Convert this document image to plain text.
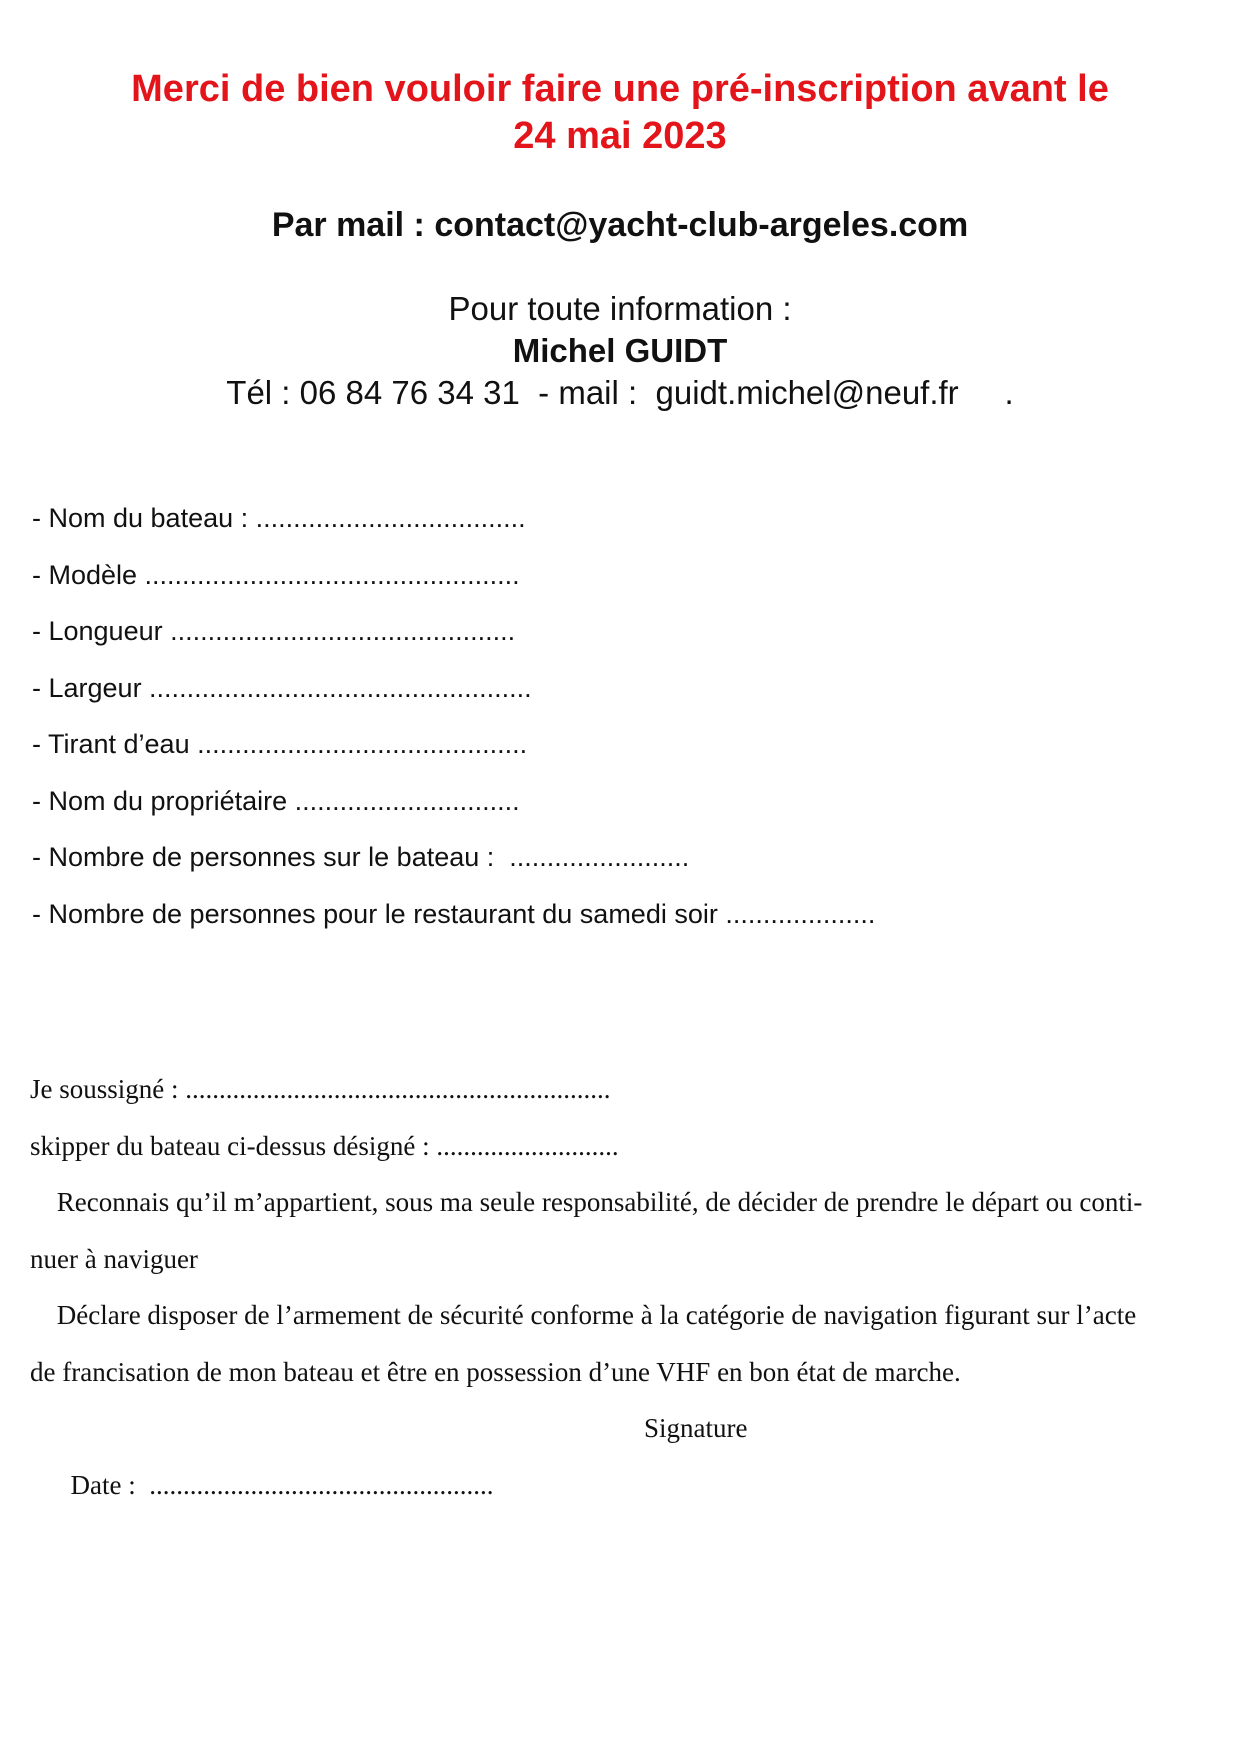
Merci de bien vouloir faire une pré-inscription avant le
24 mai 2023
Par mail : contact@yacht-club-argeles.com
Pour toute information :
Michel GUIDT
Tél : 06 84 76 34 31  - mail :  guidt.michel@neuf.fr     .
- Nom du bateau : ....................................
- Modèle ..................................................
- Longueur ..............................................
- Largeur ...................................................
- Tirant d’eau ............................................
- Nom du propriétaire ..............................
- Nombre de personnes sur le bateau :  ........................
- Nombre de personnes pour le restaurant du samedi soir ....................
Je soussigné : ...............................................................
skipper du bateau ci-dessus désigné : ...........................
Reconnais qu’il m’appartient, sous ma seule responsabilité, de décider de prendre le départ ou conti-
nuer à naviguer
Déclare disposer de l’armement de sécurité conforme à la catégorie de navigation figurant sur l’acte
de francisation de mon bateau et être en possession d’une VHF en bon état de marche.

Date :  ...................................................

Signature
